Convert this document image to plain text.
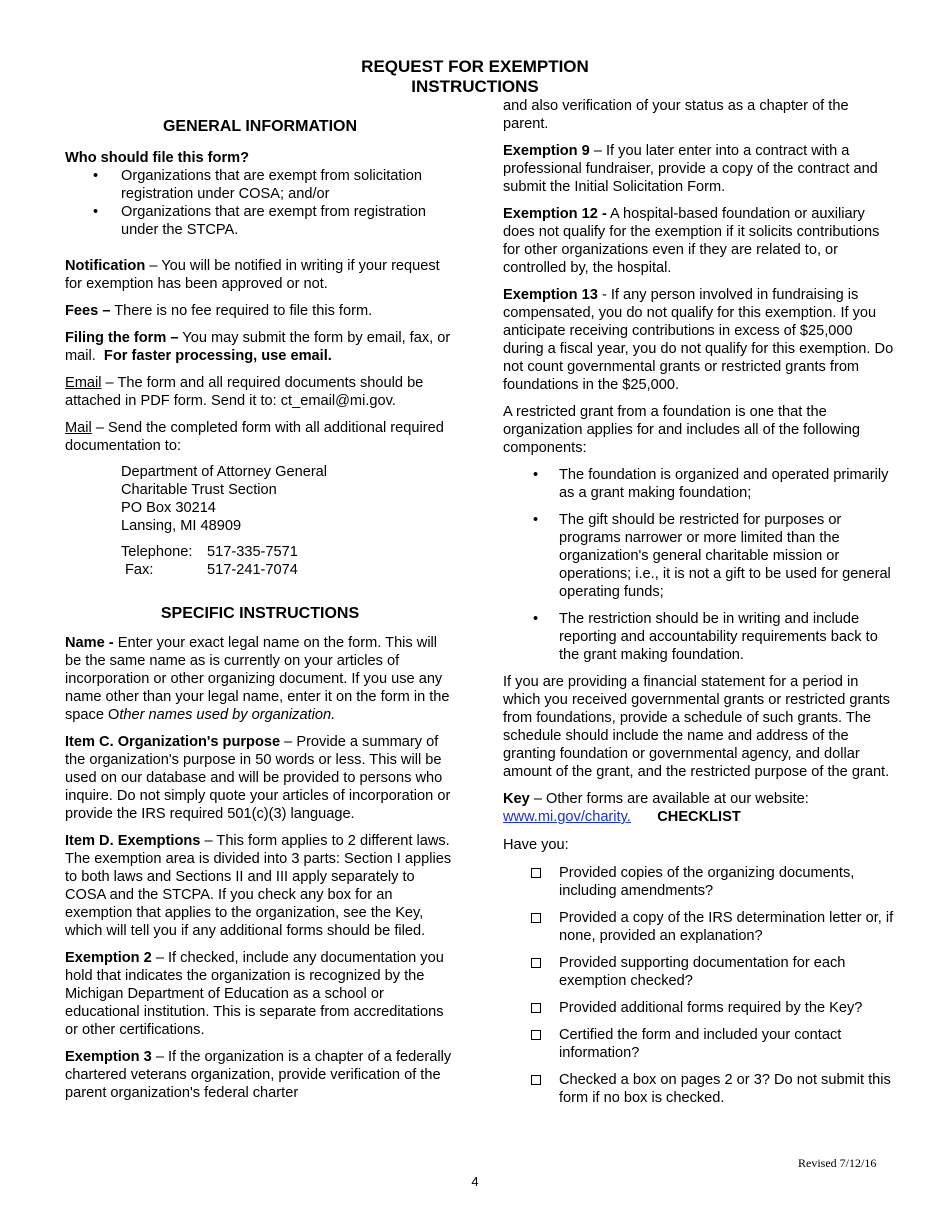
REQUEST FOR EXEMPTION
INSTRUCTIONS
GENERAL INFORMATION

Who should file this form?

• Organizations that are exempt from solicitation registration under COSA; and/or
• Organizations that are exempt from registration under the STCPA.

Notification – You will be notified in writing if your request for exemption has been approved or not.

Fees – There is no fee required to file this form.

Filing the form – You may submit the form by email, fax, or mail.  For faster processing, use email.

Email – The form and all required documents should be attached in PDF form. Send it to: ct_email@mi.gov.

Mail – Send the completed form with all additional required documentation to:

Department of Attorney General
Charitable Trust Section
PO Box 30214
Lansing, MI 48909
Telephone: 517-335-7571
Fax:	517-241-7074
SPECIFIC INSTRUCTIONS

Name - Enter your exact legal name on the form. This will be the same name as is currently on your articles of incorporation or other organizing document. If you use any name other than your legal name, enter it on the form in the space Other names used by organization.

Item C. Organization's purpose – Provide a summary of the organization's purpose in 50 words or less. This will be used on our database and will be provided to persons who inquire. Do not simply quote your articles of incorporation or provide the IRS required 501(c)(3) language.

Item D. Exemptions – This form applies to 2 different laws. The exemption area is divided into 3 parts: Section I applies to both laws and Sections II and III apply separately to COSA and the STCPA. If you check any box for an exemption that applies to the organization, see the Key, which will tell you if any additional forms should be filed.

Exemption 2 – If checked, include any documentation you hold that indicates the organization is recognized by the Michigan Department of Education as a school or educational institution. This is separate from accreditations or other certifications.

Exemption 3 – If the organization is a chapter of a federally chartered veterans organization, provide verification of the parent organization's federal charter

and also verification of your status as a chapter of the parent.

Exemption 9 – If you later enter into a contract with a professional fundraiser, provide a copy of the contract and submit the Initial Solicitation Form.

Exemption 12 - A hospital-based foundation or auxiliary does not qualify for the exemption if it solicits contributions for other organizations even if they are related to, or controlled by, the hospital.

Exemption 13 - If any person involved in fundraising is compensated, you do not qualify for this exemption. If you anticipate receiving contributions in excess of $25,000 during a fiscal year, you do not qualify for this exemption. Do not count governmental grants or restricted grants from foundations in the $25,000.

A restricted grant from a foundation is one that the organization applies for and includes all of the following components:

• The foundation is organized and operated primarily as a grant making foundation;
• The gift should be restricted for purposes or programs narrower or more limited than the organization's general charitable mission or operations; i.e., it is not a gift to be used for general operating funds;
• The restriction should be in writing and include reporting and accountability requirements back to the grant making foundation.

If you are providing a financial statement for a period in which you received governmental grants or restricted grants from foundations, provide a schedule of such grants. The schedule should include the name and address of the granting foundation or governmental agency, and dollar amount of the grant, and the restricted purpose of the grant.

Key – Other forms are available at our website:
www.mi.gov/charity.	CHECKLIST

Have you:

Provided copies of the organizing documents, including amendments?
Provided a copy of the IRS determination letter or, if none, provided an explanation?
Provided supporting documentation for each exemption checked?
Provided additional forms required by the Key?
Certified the form and included your contact information?
Checked a box on pages 2 or 3? Do not submit this form if no box is checked.
Revised 7/12/16
4
